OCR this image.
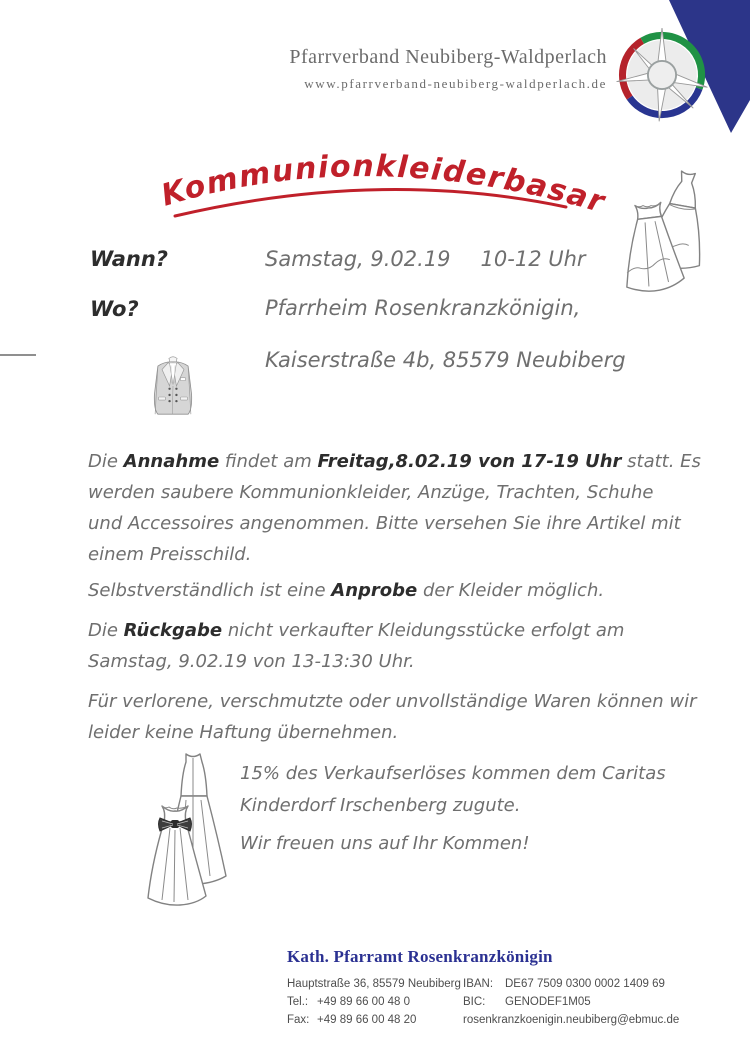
Pfarrverband Neubiberg-Waldperlach
www.pfarrverband-neubiberg-waldperlach.de
Kommunionkleiderbasar
Wann?	Samstag, 9.02.19 10-12 Uhr
Wo?	Pfarrheim Rosenkranzkönigin,
Kaiserstraße 4b, 85579 Neubiberg
Die Annahme findet am Freitag,8.02.19 von 17-19 Uhr statt. Es
werden saubere Kommunionkleider, Anzüge, Trachten, Schuhe
und Accessoires angenommen. Bitte versehen Sie ihre Artikel mit
einem Preisschild.
Selbstverständlich ist eine Anprobe der Kleider möglich.
Die Rückgabe nicht verkaufter Kleidungsstücke erfolgt am
Samstag, 9.02.19 von 13-13:30 Uhr.
Für verlorene, verschmutzte oder unvollständige Waren können wir
leider keine Haftung übernehmen.
15% des Verkaufserlöses kommen dem Caritas
Kinderdorf Irschenberg zugute.
Wir freuen uns auf Ihr Kommen!
Kath. Pfarramt Rosenkranzkönigin
Hauptstraße 36, 85579 Neubiberg
Tel.: +49 89 66 00 48 0
Fax: +49 89 66 00 48 20
IBAN: DE67 7509 0300 0002 1409 69
BIC: GENODEF1M05
rosenkranzkoenigin.neubiberg@ebmuc.de
